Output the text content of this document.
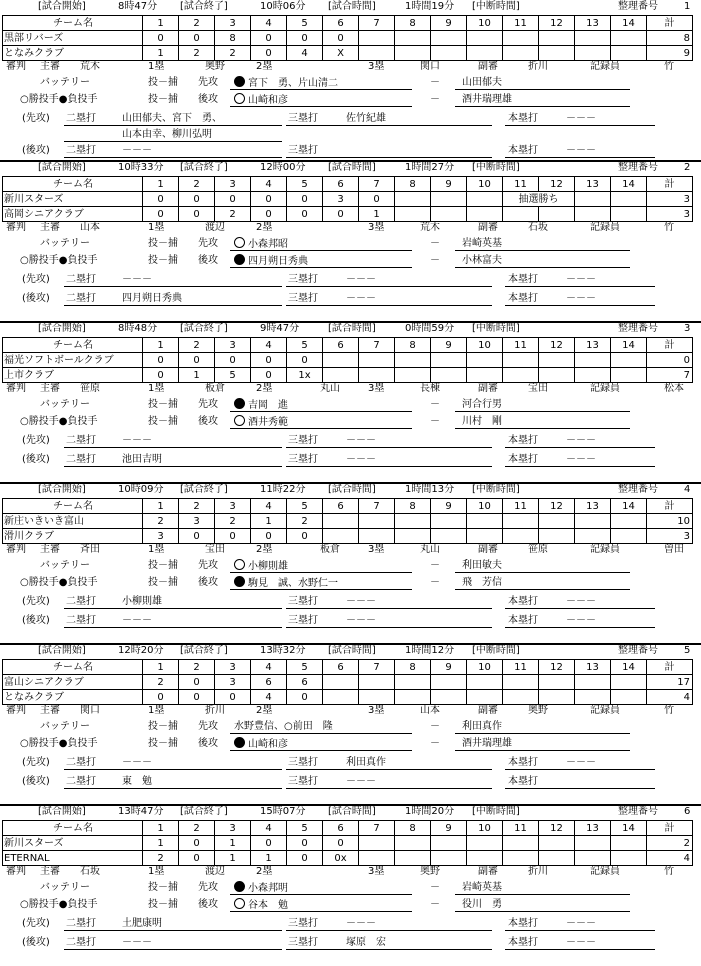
[試合開始]	8時47分 [試合終了]	10時06分 [試合時間]	1時間19分 [中断時間]	整理番号	1
チーム名	1	2	3	4	5	6	7	8	9	10	11	12	13	14	計
黒部リバーズ	0	0	8	0	0	0									8
となみクラブ	1	2	2	0	4	X									9
審判 主審 荒木	1塁	奥野	2塁	3塁	関口	副審	折川	記録員	竹
バッテリー	投－捕 先攻	宮下　勇、片山清二	－ 山田郁夫
○勝投手●負投手	投－捕 後攻	山崎和彦	－ 酒井瑞理雄
(先攻) 二塁打	山田郁夫、宮下　勇、	三塁打	佐竹紀雄	本塁打	－－－
山本由幸、柳川弘明
(後攻) 二塁打	－－－	三塁打	本塁打	－－－
[試合開始]	10時33分 [試合終了]	12時00分 [試合時間]	1時間27分 [中断時間]	整理番号	2
チーム名	1	2	3	4	5	6	7	8	9	10	11	12	13	14	計
新川スターズ	0	0	0	0	0	3	0				抽選勝ち				3
高岡シニアクラブ	0	0	2	0	0	0	1								3
審判 主審 山本	1塁	渡辺	2塁	3塁	荒木	副審	石坂	記録員	竹
バッテリー	投－捕 先攻	小森邦昭	－ 岩崎英基
○勝投手●負投手	投－捕 後攻	四月朔日秀典	－ 小林富夫
(先攻) 二塁打	－－－	三塁打	－－－	本塁打	－－－
(後攻) 二塁打	四月朔日秀典	三塁打	－－－	本塁打	－－－
[試合開始]	8時48分 [試合終了]	9時47分	[試合時間]	0時間59分 [中断時間]	整理番号	3
チーム名	1	2	3	4	5	6	7	8	9	10	11	12	13	14	計
福光ソフトボールクラブ	0	0	0	0	0										0
上市クラブ	0	1	5	0	1x										7
審判 主審 笹原	1塁	板倉	2塁	丸山	3塁	長棟	副審	宝田	記録員	松本
バッテリー	投－捕 先攻	吉岡　進	－ 河合行男
○勝投手●負投手	投－捕 後攻	酒井秀範	－ 川村　剛
(先攻) 二塁打	－－－	三塁打	－－－	本塁打	－－－
(後攻) 二塁打	池田吉明	三塁打	－－－	本塁打	－－－
[試合開始]	10時09分 [試合終了]	11時22分 [試合時間]	1時間13分 [中断時間]	整理番号	4
チーム名	1	2	3	4	5	6	7	8	9	10	11	12	13	14	計
新庄いきいき富山	2	3	2	1	2										10
滑川クラブ	3	0	0	0	0										3
審判 主審 斉田	1塁	宝田	2塁	板倉	3塁	丸山	副審	笹原	記録員	曽田
バッテリー	投－捕 先攻	小柳則雄	－ 利田敏夫
○勝投手●負投手	投－捕 後攻	駒見　誠、水野仁一	－ 飛　芳信
(先攻) 二塁打	小柳則雄	三塁打	－－－	本塁打	－－－
(後攻) 二塁打	－－－	三塁打	－－－	本塁打	－－－
[試合開始]	12時20分 [試合終了]	13時32分 [試合時間]	1時間12分 [中断時間]	整理番号	5
チーム名	1	2	3	4	5	6	7	8	9	10	11	12	13	14	計
富山シニアクラブ	2	0	3	6	6										17
となみクラブ	0	0	0	4	0										4
審判 主審 関口	1塁	折川	2塁	3塁	山本	副審	奥野	記録員	竹
バッテリー	投－捕 先攻 水野豊信、○前田　隆	－ 利田真作
○勝投手●負投手	投－捕 後攻	山崎和彦	－ 酒井瑞理雄
(先攻) 二塁打	－－－	三塁打	利田真作	本塁打	－－－
(後攻) 二塁打	東　勉	三塁打	－－－	本塁打
[試合開始]	13時47分 [試合終了]	15時07分 [試合時間]	1時間20分 [中断時間]	整理番号	6
チーム名	1	2	3	4	5	6	7	8	9	10	11	12	13	14	計
新川スターズ	1	0	1	0	0	0									2
ETERNAL	2	0	1	1	0	0x									4
審判 主審 石坂	1塁	渡辺	2塁	3塁	奥野	副審	折川	記録員	竹
バッテリー	投－捕 先攻	小森邦明	－ 岩崎英基
○勝投手●負投手	投－捕 後攻	谷本　勉	－ 役川　勇
(先攻) 二塁打	土肥康明	三塁打	－－－	本塁打	－－－
(後攻) 二塁打	－－－	三塁打	塚原　宏	本塁打	－－－
